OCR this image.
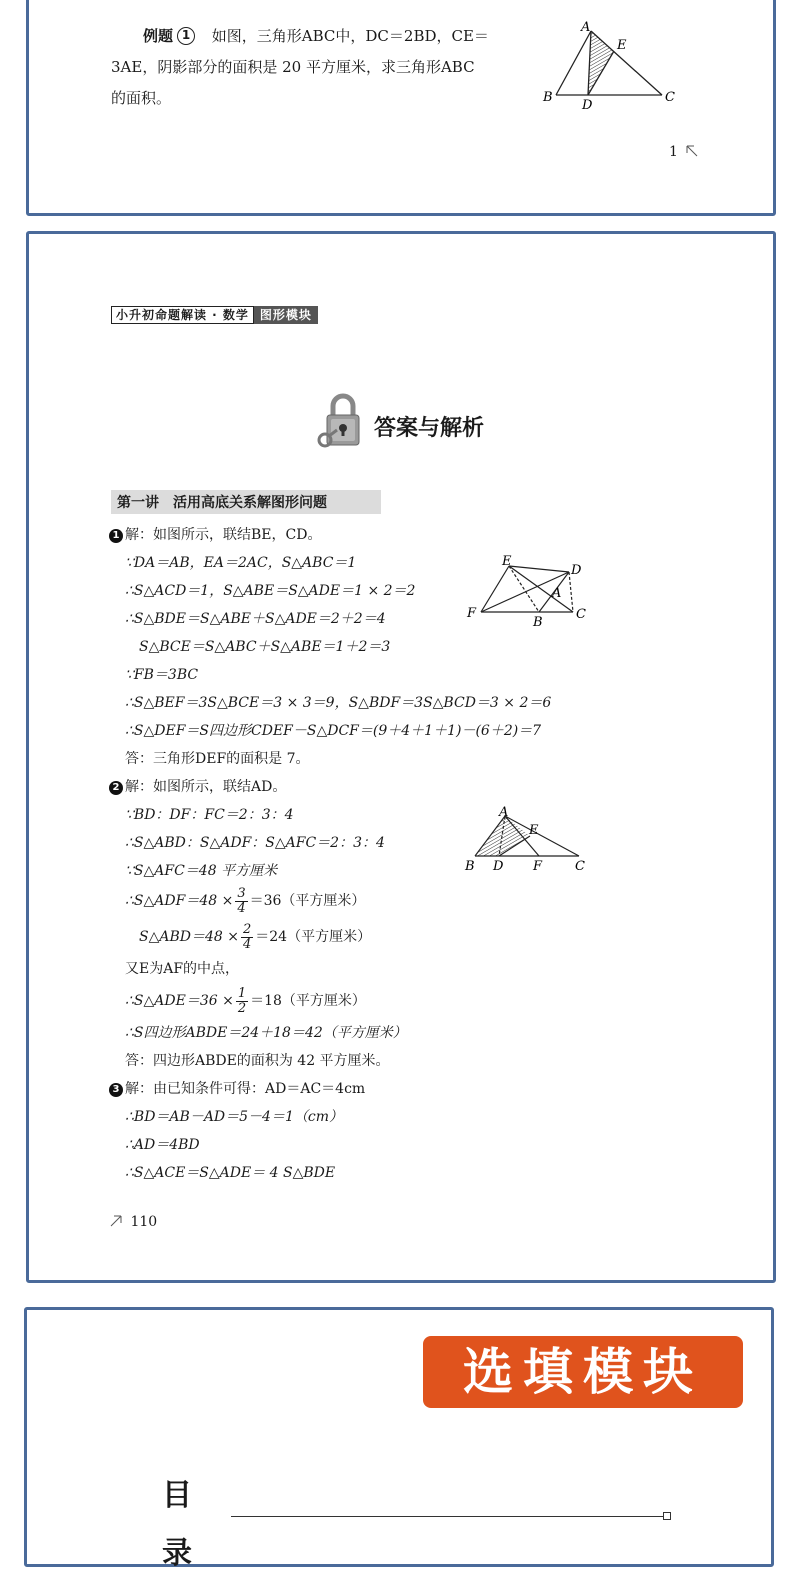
例题 1 如图，三角形ABC中，DC＝2BD，CE＝
3AE，阴影部分的面积是 20 平方厘米，求三角形ABC
的面积。
A
E
B
D
C
1
小升初命题解读 · 数学 图形模块
答案与解析
第一讲　活用高底关系解图形问题
1 解：如图所示，联结BE，CD。
∵DA＝AB，EA＝2AC，S△ABC＝1
∴S△ACD＝1，S△ABE＝S△ADE＝1 × 2＝2
∴S△BDE＝S△ABE＋S△ADE＝2＋2＝4
S△BCE＝S△ABC＋S△ABE＝1＋2＝3
∵FB＝3BC
∴S△BEF＝3S△BCE＝3 × 3＝9，S△BDF＝3S△BCD＝3 × 2＝6
∴S△DEF＝S四边形CDEF－S△DCF＝(9＋4＋1＋1)－(6＋2)＝7
答：三角形DEF的面积是 7。
E
D
A
F
B
C
2 解：如图所示，联结AD。
∵BD：DF：FC＝2：3：4
∴S△ABD：S△ADF：S△AFC＝2：3：4
∵S△AFC＝48 平方厘米
∴S△ADF＝48 × $\frac{3}{4} =36$（平方厘米）
S△ABD＝48 × $\frac{2}{4} =24$（平方厘米）
又E为AF的中点，
∴S△ADE＝36 × $\frac{1}{2} =18$（平方厘米）
∴S四边形ABDE＝24＋18＝42（平方厘米）
答：四边形ABDE的面积为 42 平方厘米。
A
E
B D F	C
3 解：由已知条件可得：AD＝AC＝4cm
∴BD＝AB－AD＝5－4＝1（cm）
∴AD＝4BD
∴S△ACE＝S△ADE＝ 4 S△BDE
110
选填模块
目
录
